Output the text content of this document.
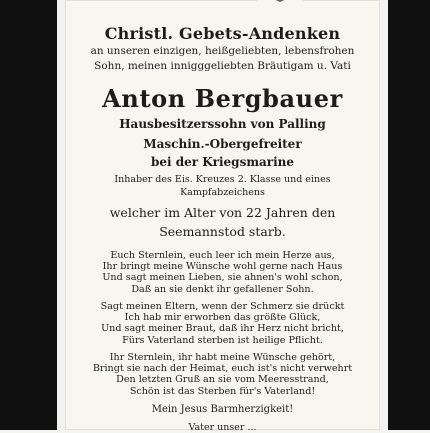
Christl. Gebets-Andenken
an unseren einzigen, heißgeliebten, lebensfrohen
Sohn, meinen innigggeliebten Bräutigam u. Vati
Anton Bergbauer
Hausbesitzerssohn von Palling
Maschin.-Obergefreiter
bei der Kriegsmarine
Inhaber des Eis. Kreuzes 2. Klasse und eines
Kampfabzeichens
welcher im Alter von 22 Jahren den
Seemannstod starb.
Euch Sternlein, euch leer ich mein Herze aus,
Ihr bringt meine Wünsche wohl gerne nach Haus
Und sagt meinen Lieben, sie ahnen's wohl schon,
Daß an sie denkt ihr gefallener Sohn.
Sagt meinen Eltern, wenn der Schmerz sie drückt
Ich hab mir erworben das größte Glück,
Und sagt meiner Braut, daß ihr Herz nicht bricht,
Fürs Vaterland sterben ist heilige Pflicht.
Ihr Sternlein, ihr habt meine Wünsche gehört,
Bringt sie nach der Heimat, euch ist's nicht verwehrt
Den letzten Gruß an sie vom Meeresstrand,
Schön ist das Sterben für's Vaterland!
Mein Jesus Barmherzigkeit!
Vater unser ...
